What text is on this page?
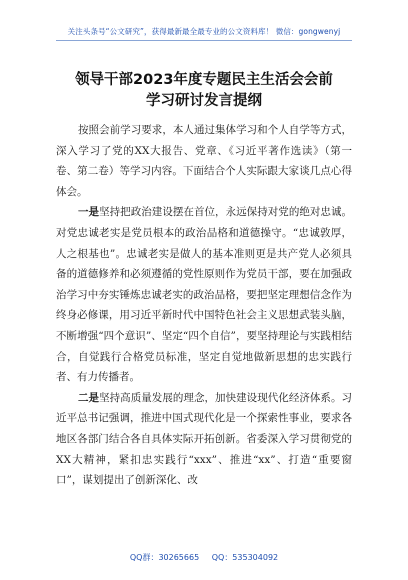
关注头条号“公文研究”，获得最新最全最专业的公文资料库！ 微信：gongwenyj
领导干部2023年度专题民主生活会会前
学习研讨发言提纲

按照会前学习要求，本人通过集体学习和个人自学等方式，深入学习了党的XX大报告、党章、《习近平著作选读》（第一卷、第二卷）等学习内容。下面结合个人实际跟大家谈几点心得体会。

一是坚持把政治建设摆在首位，永远保持对党的绝对忠诚。对党忠诚老实是党员根本的政治品格和道德操守。“忠诚敦厚，人之根基也”。忠诚老实是做人的基本准则更是共产党人必须具备的道德修养和必须遵循的党性原则作为党员干部，要在加强政治学习中夯实锤炼忠诚老实的政治品格，要把坚定理想信念作为终身必修课，用习近平新时代中国特色社会主义思想武装头脑，不断增强“四个意识”、坚定“四个自信”，要坚持理论与实践相结合，自觉践行合格党员标准，坚定自觉地做新思想的忠实践行者、有力传播者。

二是坚持高质量发展的理念，加快建设现代化经济体系。习近平总书记强调，推进中国式现代化是一个探索性事业，要求各地区各部门结合各自具体实际开拓创新。省委深入学习贯彻党的XX大精神，紧扣忠实践行“xxx”、推进“xx”、打造“重要窗口”，谋划提出了创新深化、改

QQ群：30265665 QQ：535304092
